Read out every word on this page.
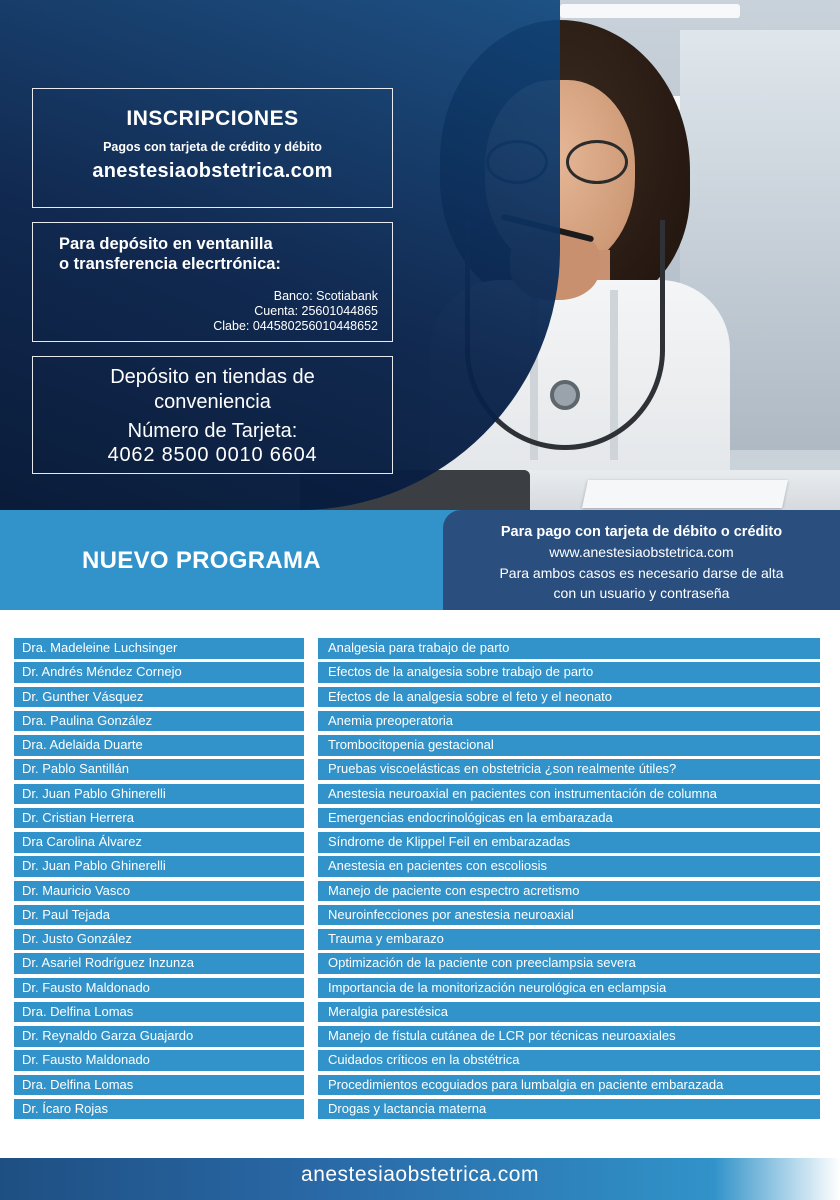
INSCRIPCIONES
Pagos con tarjeta de crédito y débito
anestesiaobstetrica.com
Para depósito en ventanilla
o transferencia elecrtrónica:
Banco: Scotiabank
Cuenta: 25601044865
Clabe: 044580256010448652
Depósito en tiendas de
conveniencia
Número de Tarjeta:
4062 8500 0010 6604
NUEVO PROGRAMA
Para pago con tarjeta de débito o crédito
www.anestesiaobstetrica.com
Para ambos casos es necesario darse de alta
con un usuario y contraseña
Dra. Madeleine Luchsinger	Analgesia para trabajo de parto
Dr. Andrés Méndez Cornejo	Efectos de la analgesia sobre trabajo de parto
Dr. Gunther Vásquez	Efectos de la analgesia sobre el feto y el neonato
Dra. Paulina González	Anemia preoperatoria
Dra. Adelaida Duarte	Trombocitopenia gestacional
Dr. Pablo Santillán	Pruebas viscoelásticas en obstetricia ¿son realmente útiles?
Dr. Juan Pablo Ghinerelli	Anestesia neuroaxial en pacientes con instrumentación de columna
Dr. Cristian Herrera	Emergencias endocrinológicas en la embarazada
Dra Carolina Álvarez	Síndrome de Klippel Feil en embarazadas
Dr. Juan Pablo Ghinerelli	Anestesia en pacientes con escoliosis
Dr. Mauricio Vasco	Manejo de paciente con espectro acretismo
Dr. Paul Tejada	Neuroinfecciones por anestesia neuroaxial
Dr. Justo González	Trauma y embarazo
Dr. Asariel Rodríguez Inzunza	Optimización de la paciente con preeclampsia severa
Dr. Fausto Maldonado	Importancia de la monitorización neurológica en eclampsia
Dra. Delfina Lomas	Meralgia parestésica
Dr. Reynaldo Garza Guajardo	Manejo de fístula cutánea de LCR por técnicas neuroaxiales
Dr. Fausto Maldonado	Cuidados críticos en la obstétrica
Dra. Delfina Lomas	Procedimientos ecoguiados para lumbalgia en paciente embarazada
Dr. Ícaro Rojas	Drogas y lactancia materna
anestesiaobstetrica.com
